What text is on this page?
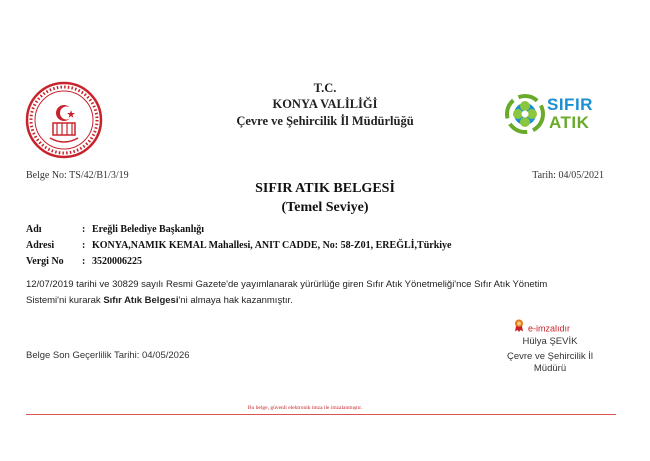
T.C.
KONYA VALİLİĞİ
Çevre ve Şehircilik İl Müdürlüğü
SIFIR
ATIK
Belge No: TS/42/B1/3/19	Tarih: 04/05/2021
SIFIR ATIK BELGESİ
(Temel Seviye)
Adı	: Ereğli Belediye Başkanlığı
Adresi	: KONYA,NAMIK KEMAL Mahallesi, ANIT CADDE, No: 58-Z01, EREĞLİ,Türkiye
Vergi No : 3520006225
12/07/2019 tarihi ve 30829 sayılı Resmi Gazete'de yayımlanarak yürürlüğe giren Sıfır Atık Yönetmeliği'nce Sıfır Atık Yönetim
Sistemi'ni kurarak Sıfır Atık Belgesi'ni almaya hak kazanmıştır.
e-imzalıdır
Hülya ŞEVİK
Çevre ve Şehircilik İl
Müdürü
Belge Son Geçerlilik Tarihi: 04/05/2026
Bu belge, güvenli elektronik imza ile imzalanmıştır.
